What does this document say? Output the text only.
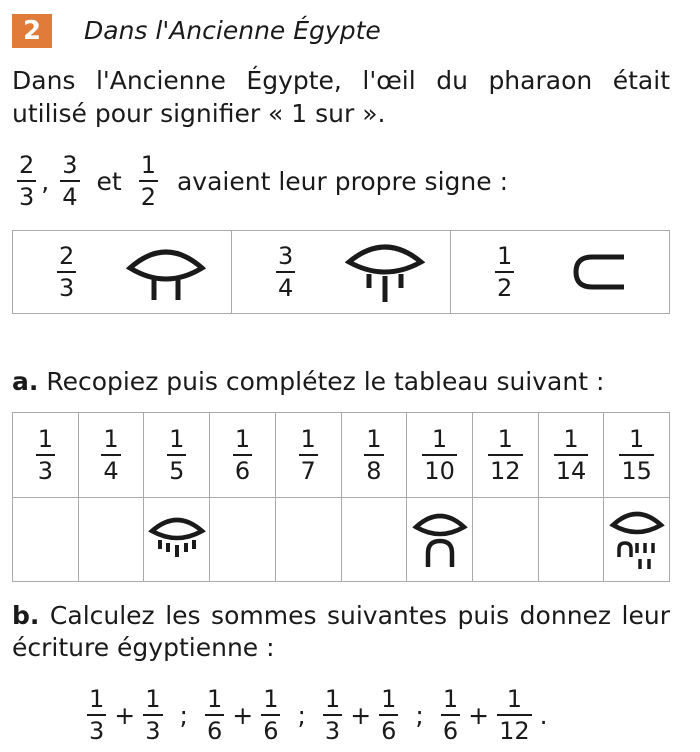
2	Dans l'Ancienne Égypte
Dans l'Ancienne Égypte, l'œil du pharaon était utilisé pour signifier « 1 sur ».
$\frac{2}{3}$ , $\frac{3}{4}$ et $\frac{1}{2}$ avaient leur propre signe :
$\frac{2}{3}$	$\frac{3}{4}$	$\frac{1}{2}$
a. Recopiez puis complétez le tableau suivant :
$\frac{1}{3} \frac{1}{4} \frac{1}{5} \frac{1}{6} \frac{1}{7} \frac{1}{8} \frac{1}{10} \frac{1}{12} \frac{1}{14} \frac{1}{15}$
b. Calculez les sommes suivantes puis donnez leur écriture égyptienne :
$\frac{1}{3} + \frac{1}{3}$ ; $\frac{1}{6} + \frac{1}{6}$ ; $\frac{1}{3} + \frac{1}{6}$ ; $\frac{1}{6} + \frac{1}{12}$ .
